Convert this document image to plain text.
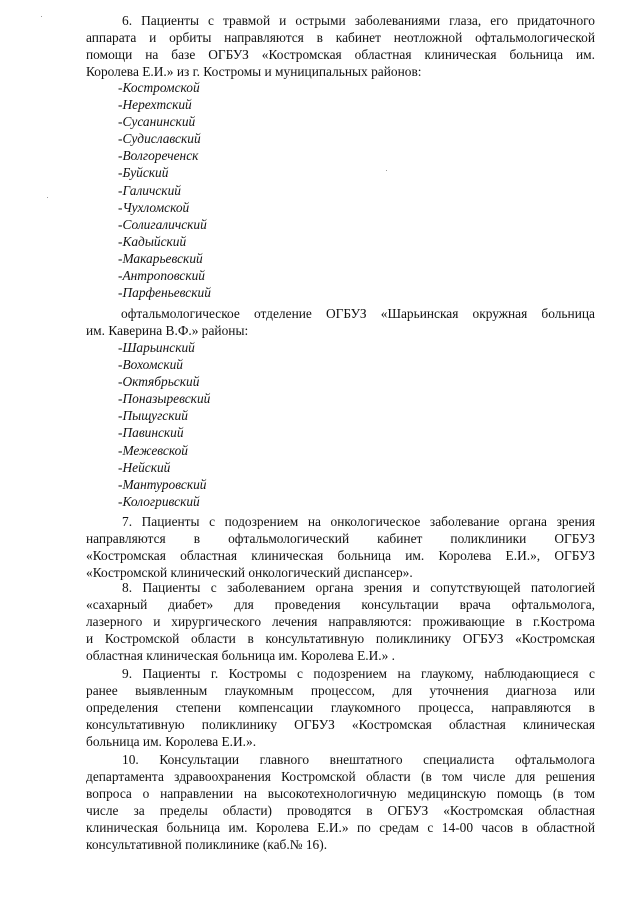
6. Пациенты с травмой и острыми заболеваниями глаза, его придаточного
аппарата и орбиты направляются в кабинет неотложной офтальмологической
помощи на базе ОГБУЗ «Костромская областная клиническая больница им.
Королева Е.И.» из г. Костромы и муниципальных районов:
-Костромской
-Нерехтский
-Сусанинский
-Судиславский
-Волгореченск
-Буйский
-Галичский
-Чухломской
-Солигаличский
-Кадыйский
-Макарьевский
-Антроповский
-Парфеньевский
офтальмологическое отделение ОГБУЗ «Шарьинская окружная больница
им. Каверина В.Ф.» районы:
-Шарьинский
-Вохомский
-Октябрьский
-Поназыревский
-Пыщугский
-Павинский
-Межевской
-Нейский
-Мантуровский
-Кологривский
7. Пациенты с подозрением на онкологическое заболевание органа зрения
направляются в офтальмологический кабинет поликлиники ОГБУЗ
«Костромская областная клиническая больница им. Королева Е.И.», ОГБУЗ
«Костромской клинический онкологический диспансер».
8. Пациенты с заболеванием органа зрения и сопутствующей патологией
«сахарный диабет» для проведения консультации врача офтальмолога,
лазерного и хирургического лечения направляются: проживающие в г.Кострома
и Костромской области в консультативную поликлинику ОГБУЗ «Костромская
областная клиническая больница им. Королева Е.И.» .
9. Пациенты г. Костромы с подозрением на глаукому, наблюдающиеся с
ранее выявленным глаукомным процессом, для уточнения диагноза или
определения степени компенсации глаукомного процесса, направляются в
консультативную поликлинику ОГБУЗ «Костромская областная клиническая
больница им. Королева Е.И.».
10. Консультации главного внештатного специалиста офтальмолога
департамента здравоохранения Костромской области (в том числе для решения
вопроса о направлении на высокотехнологичную медицинскую помощь (в том
числе за пределы области) проводятся в ОГБУЗ «Костромская областная
клиническая больница им. Королева Е.И.» по средам с 14-00 часов в областной
консультативной поликлинике (каб.№ 16).
